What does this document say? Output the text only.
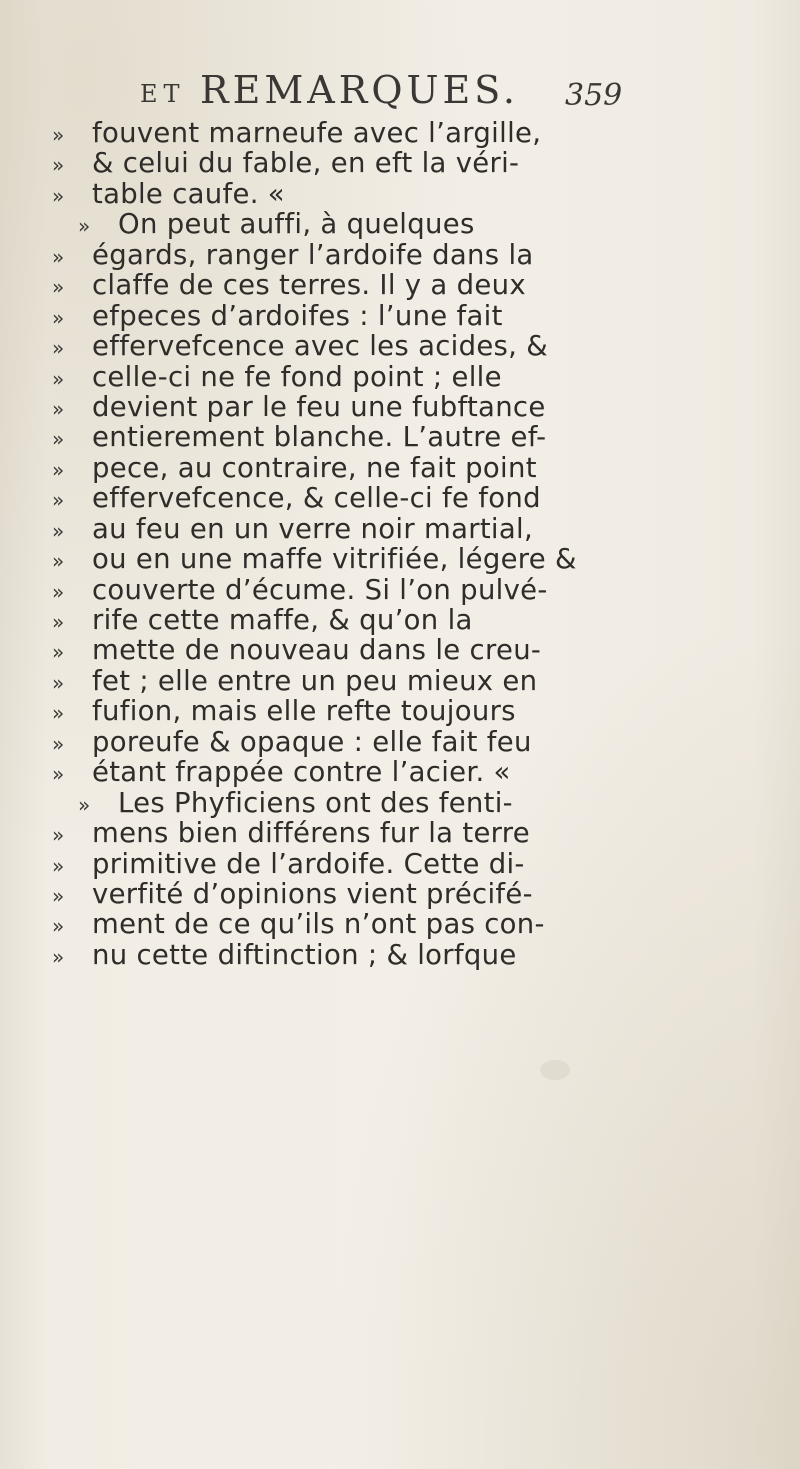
ET REMARQUES. 359
» fouvent marneufe avec l’argille,
» & celui du fable, en eft la véri-
» table caufe. «
» On peut auffi, à quelques
» égards, ranger l’ardoife dans la
» claffe de ces terres. Il y a deux
» efpeces d’ardoifes : l’une fait
» effervefcence avec les acides, &
» celle-ci ne fe fond point ; elle
» devient par le feu une fubftance
» entierement blanche. L’autre ef-
» pece, au contraire, ne fait point
» effervefcence, & celle-ci fe fond
» au feu en un verre noir martial,
» ou en une maffe vitrifiée, légere &
» couverte d’écume. Si l’on pulvé-
» rife cette maffe, & qu’on la
» mette de nouveau dans le creu-
» fet ; elle entre un peu mieux en
» fufion, mais elle refte toujours
» poreufe & opaque : elle fait feu
» étant frappée contre l’acier. «
» Les Phyficiens ont des fenti-
» mens bien différens fur la terre
» primitive de l’ardoife. Cette di-
» verfité d’opinions vient précifé-
» ment de ce qu’ils n’ont pas con-
» nu cette diftinction ; & lorfque
